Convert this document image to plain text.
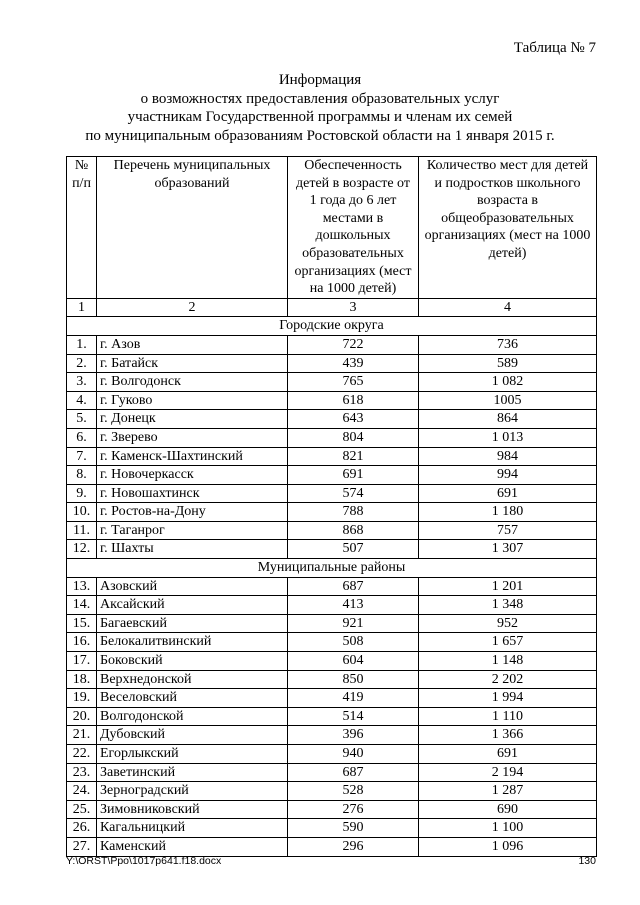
Таблица № 7
Информация
о возможностях предоставления образовательных услуг
участникам Государственной программы и членам их семей
по муниципальным образованиям Ростовской области на 1 января 2015 г.
№ п/п	Перечень муниципальных образований	Обеспеченность детей в возрасте от 1 года до 6 лет местами в дошкольных образовательных организациях (мест на 1000 детей)	Количество мест для детей и подростков школьного возраста в общеобразовательных организациях (мест на 1000 детей)
1	2	3	4
Городские округа			
1.	г. Азов	722	736
2.	г. Батайск	439	589
3.	г. Волгодонск	765	1 082
4.	г. Гуково	618	1005
5.	г. Донецк	643	864
6.	г. Зверево	804	1 013
7.	г. Каменск-Шахтинский	821	984
8.	г. Новочеркасск	691	994
9.	г. Новошахтинск	574	691
10.	г. Ростов-на-Дону	788	1 180
11.	г. Таганрог	868	757
12.	г. Шахты	507	1 307
Муниципальные районы			
13.	Азовский	687	1 201
14.	Аксайский	413	1 348
15.	Багаевский	921	952
16.	Белокалитвинский	508	1 657
17.	Боковский	604	1 148
18.	Верхнедонской	850	2 202
19.	Веселовский	419	1 994
20.	Волгодонской	514	1 110
21.	Дубовский	396	1 366
22.	Егорлыкский	940	691
23.	Заветинский	687	2 194
24.	Зерноградский	528	1 287
25.	Зимовниковский	276	690
26.	Кагальницкий	590	1 100
27.	Каменский	296	1 096
Y:\ORST\Ppo\1017p641.f18.docx	130
